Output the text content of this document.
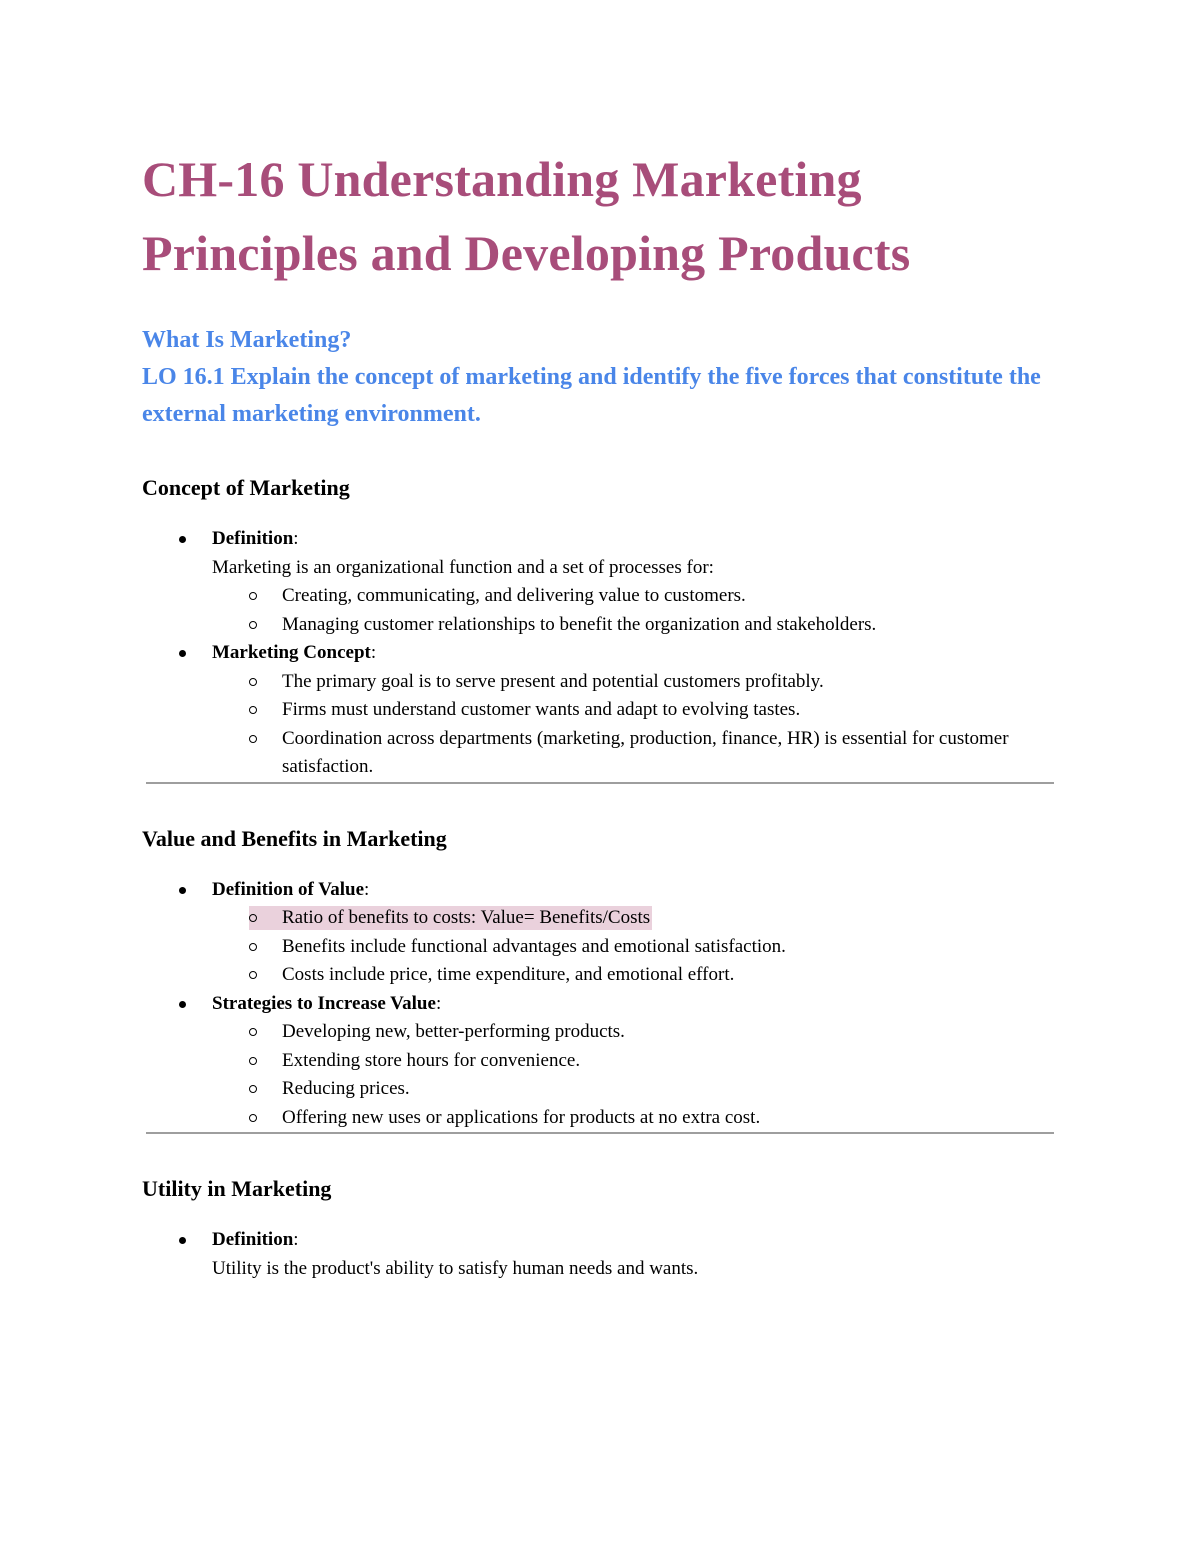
CH-16 Understanding Marketing Principles and Developing Products
What Is Marketing?
LO 16.1 Explain the concept of marketing and identify the five forces that constitute the external marketing environment.
Concept of Marketing
Definition:
Marketing is an organizational function and a set of processes for:
Creating, communicating, and delivering value to customers.
Managing customer relationships to benefit the organization and stakeholders.
Marketing Concept:
The primary goal is to serve present and potential customers profitably.
Firms must understand customer wants and adapt to evolving tastes.
Coordination across departments (marketing, production, finance, HR) is essential for customer satisfaction.
Value and Benefits in Marketing
Definition of Value:
Ratio of benefits to costs: Value= Benefits/Costs
Benefits include functional advantages and emotional satisfaction.
Costs include price, time expenditure, and emotional effort.
Strategies to Increase Value:
Developing new, better-performing products.
Extending store hours for convenience.
Reducing prices.
Offering new uses or applications for products at no extra cost.
Utility in Marketing
Definition:
Utility is the product's ability to satisfy human needs and wants.
